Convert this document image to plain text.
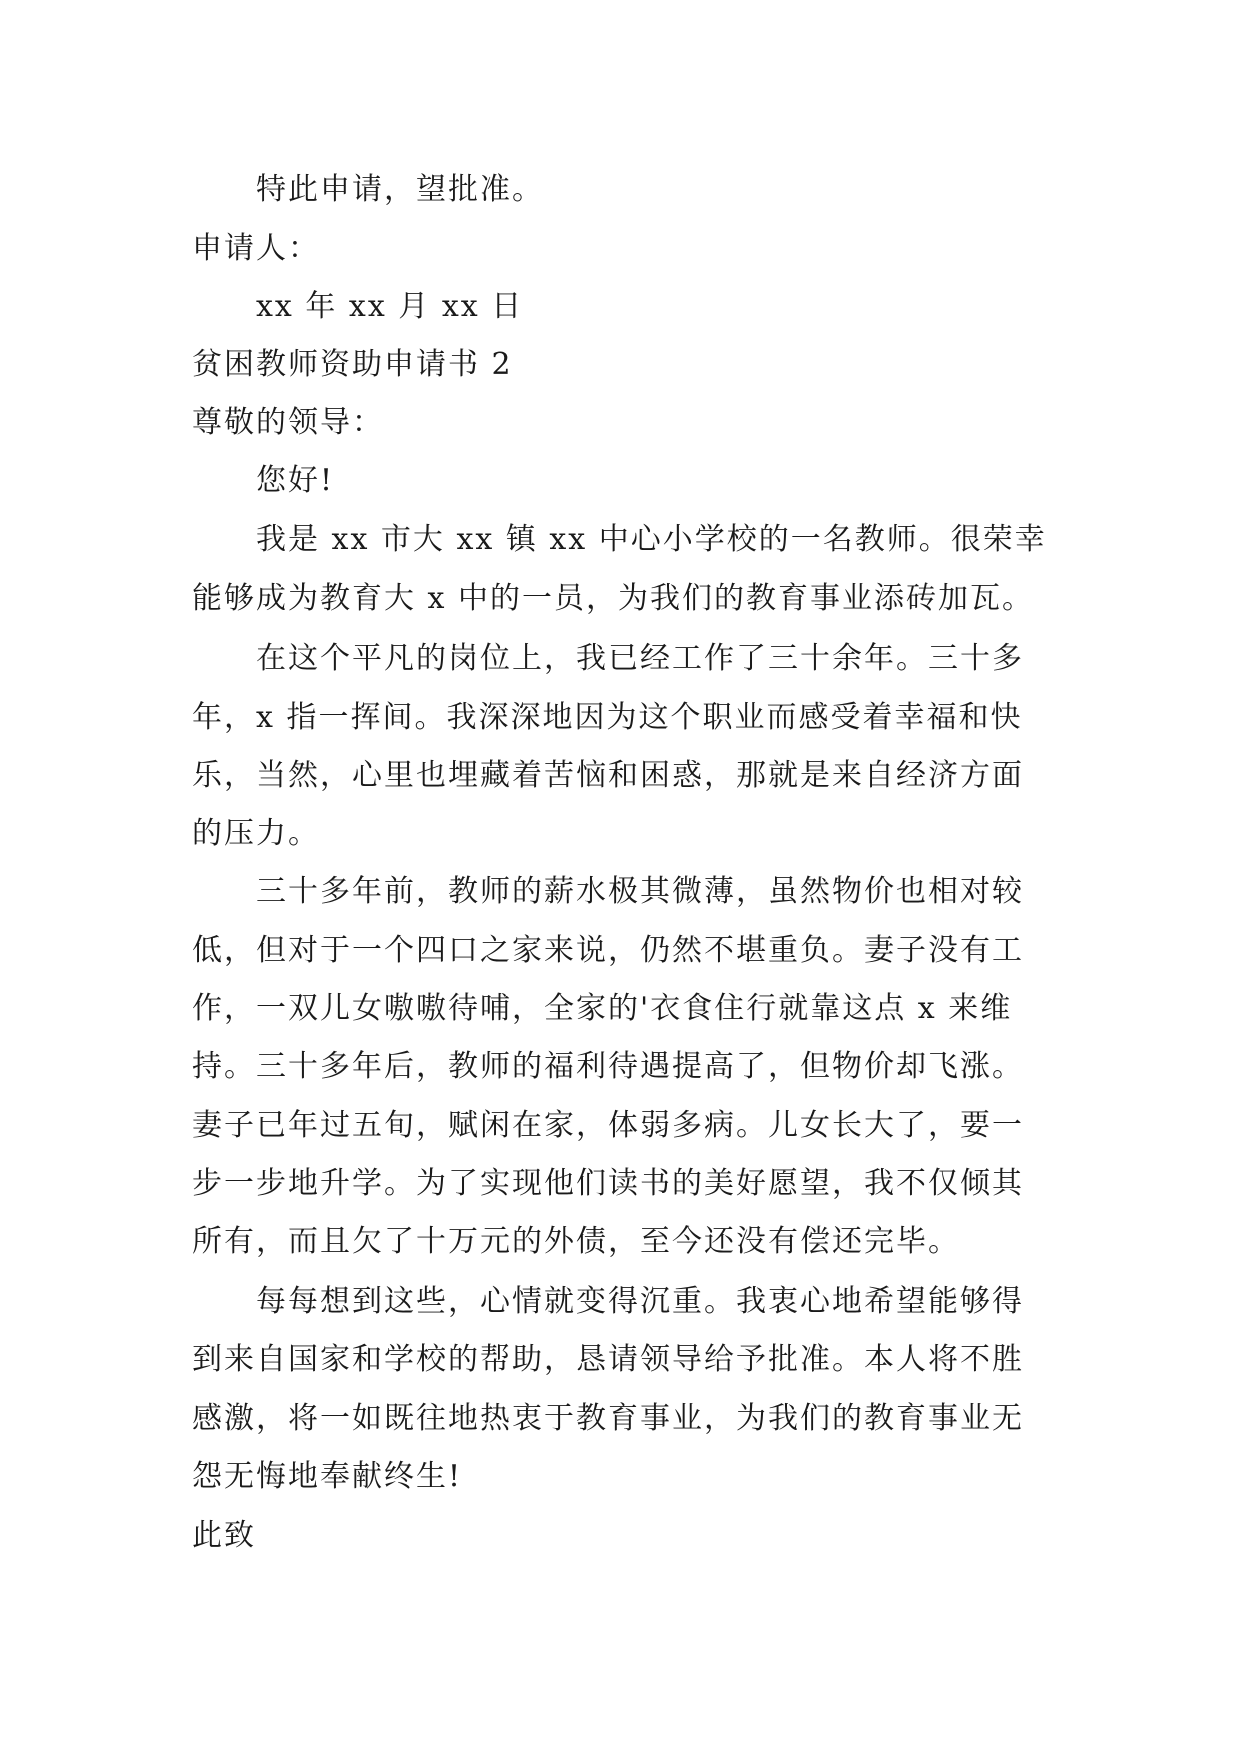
特此申请，望批准。
申请人：
xx 年 xx 月 xx 日
贫困教师资助申请书 2
尊敬的领导：
您好!
我是 xx 市大 xx 镇 xx 中心小学校的一名教师。很荣幸
能够成为教育大 x 中的一员，为我们的教育事业添砖加瓦。
在这个平凡的岗位上，我已经工作了三十余年。三十多
年，x 指一挥间。我深深地因为这个职业而感受着幸福和快
乐，当然，心里也埋藏着苦恼和困惑，那就是来自经济方面
的压力。
三十多年前，教师的薪水极其微薄，虽然物价也相对较
低，但对于一个四口之家来说，仍然不堪重负。妻子没有工
作，一双儿女嗷嗷待哺，全家的'衣食住行就靠这点 x 来维
持。三十多年后，教师的福利待遇提高了，但物价却飞涨。
妻子已年过五旬，赋闲在家，体弱多病。儿女长大了，要一
步一步地升学。为了实现他们读书的美好愿望，我不仅倾其
所有，而且欠了十万元的外债，至今还没有偿还完毕。
每每想到这些，心情就变得沉重。我衷心地希望能够得
到来自国家和学校的帮助，恳请领导给予批准。本人将不胜
感激，将一如既往地热衷于教育事业，为我们的教育事业无
怨无悔地奉献终生!
此致
